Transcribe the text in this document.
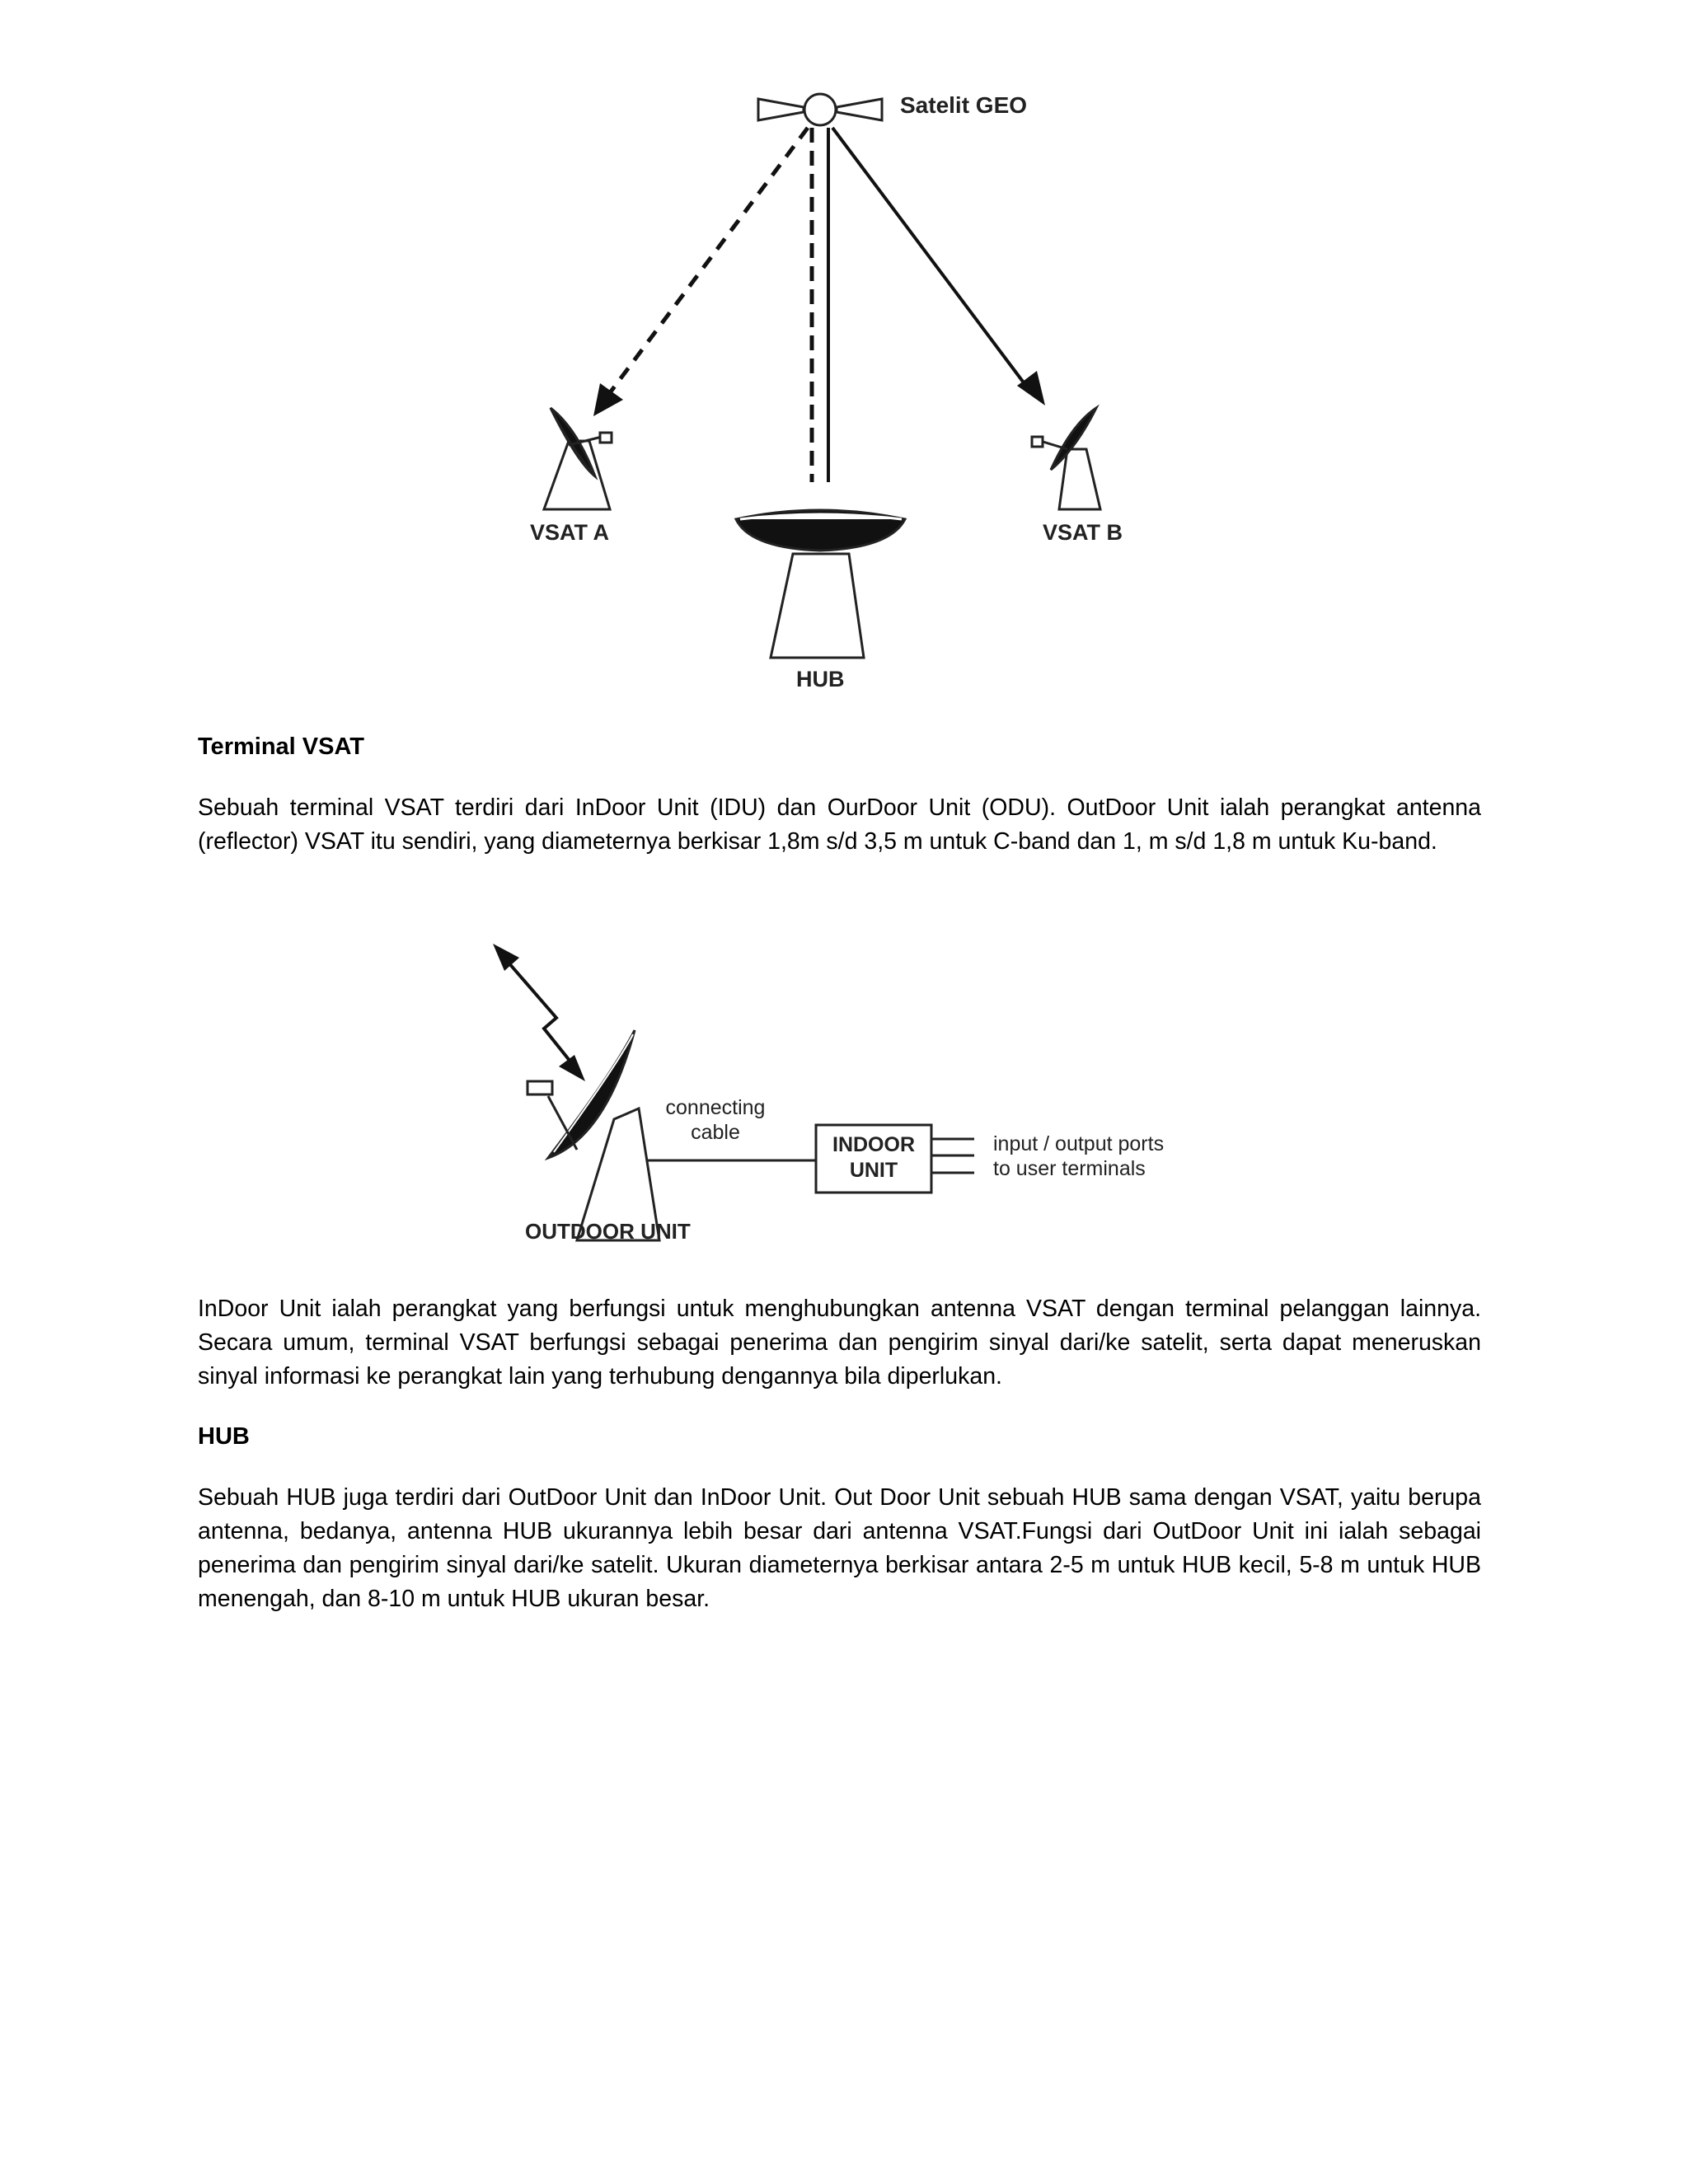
Satelit GEO
VSAT A	VSAT B
HUB

Terminal VSAT

Sebuah terminal VSAT terdiri dari InDoor Unit (IDU) dan OurDoor Unit (ODU). OutDoor Unit ialah perangkat antenna (reflector) VSAT itu sendiri, yang diameternya berkisar 1,8m s/d 3,5 m untuk C-band dan 1, m s/d 1,8 m untuk Ku-band.

connecting
cable
INDOOR
UNIT
input / output ports
to user terminals
OUTDOOR UNIT

InDoor Unit ialah perangkat yang berfungsi untuk menghubungkan antenna VSAT dengan terminal pelanggan lainnya. Secara umum, terminal VSAT berfungsi sebagai penerima dan pengirim sinyal dari/ke satelit, serta dapat meneruskan sinyal informasi ke perangkat lain yang terhubung dengannya bila diperlukan.

HUB

Sebuah HUB juga terdiri dari OutDoor Unit dan InDoor Unit. Out Door Unit sebuah HUB sama dengan VSAT, yaitu berupa antenna, bedanya, antenna HUB ukurannya lebih besar dari antenna VSAT.Fungsi dari OutDoor Unit ini ialah sebagai penerima dan pengirim sinyal dari/ke satelit. Ukuran diameternya berkisar antara 2-5 m untuk HUB kecil, 5-8 m untuk HUB menengah, dan 8-10 m untuk HUB ukuran besar.
